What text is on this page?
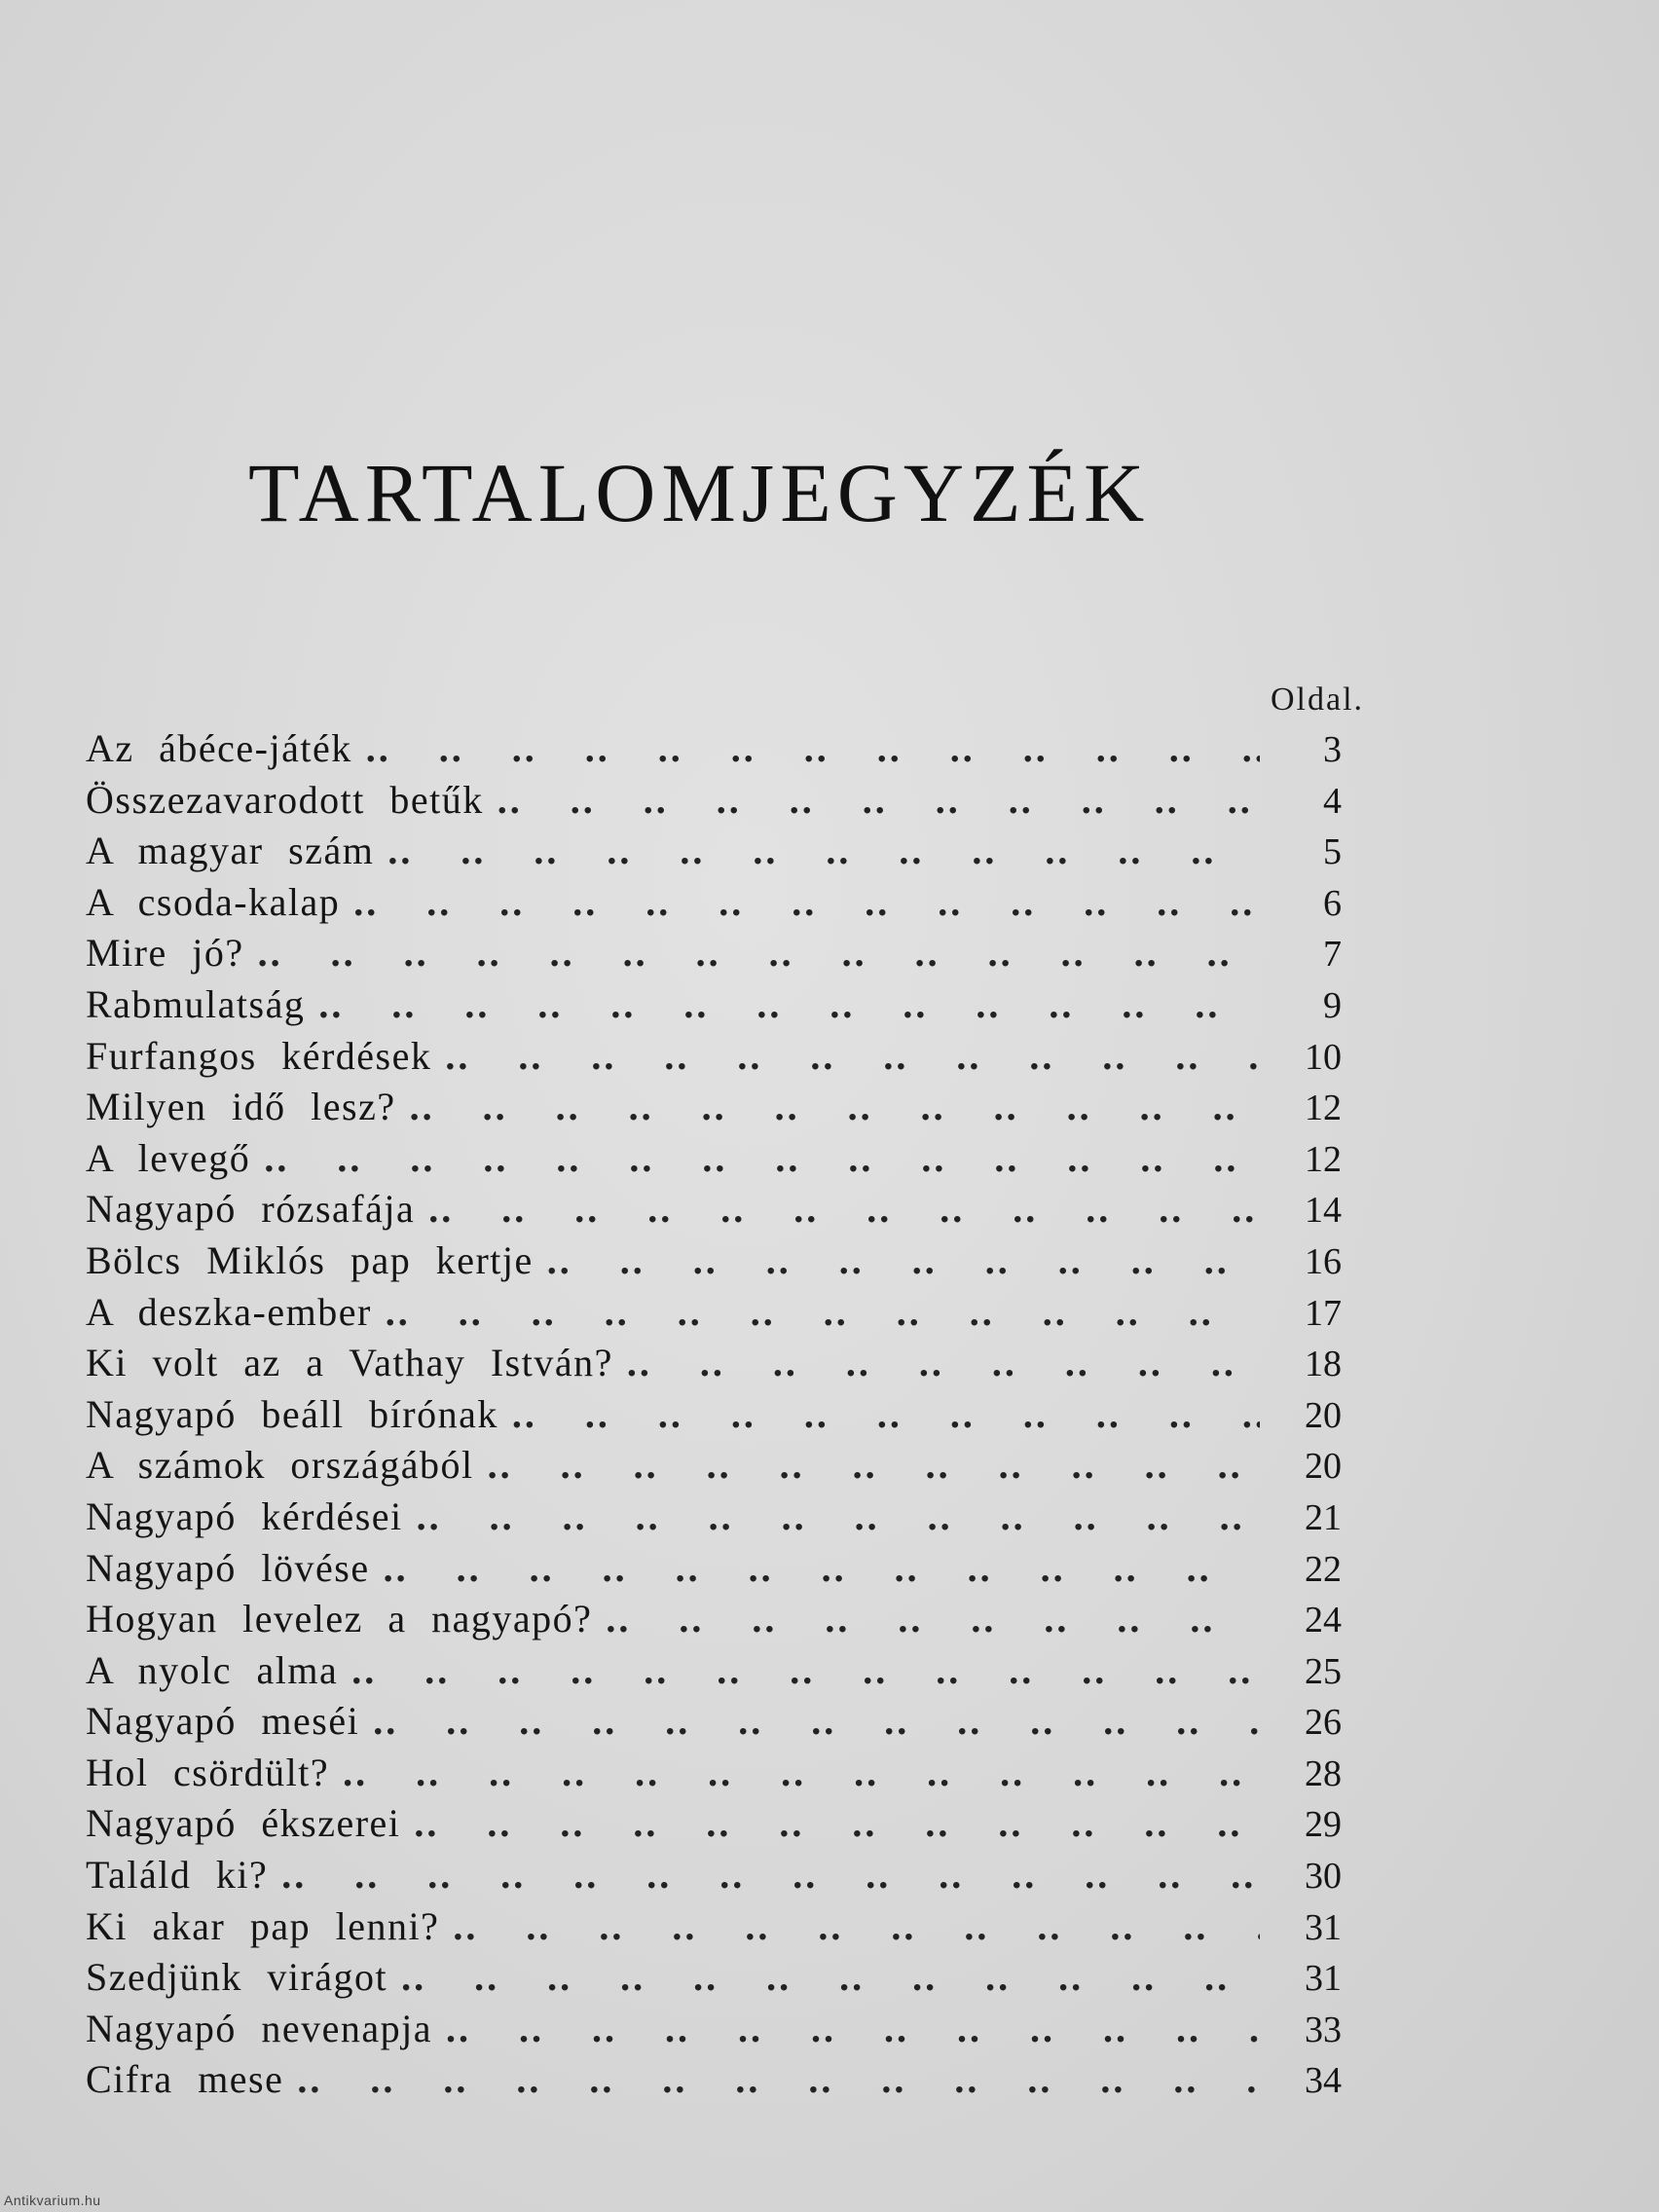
TARTALOMJEGYZÉK
Oldal.
Az ábéce-játék .. ..	3
Összezavarodott betűk .. ..	4
A magyar szám .. ..	5
A csoda-kalap .. ..	6
Mire jó? .. ..	7
Rabmulatság .. ..	9
Furfangos kérdések .. ..	10
Milyen idő lesz? .. ..	12
A levegő .. ..	12
Nagyapó rózsafája .. ..	14
Bölcs Miklós pap kertje .. ..	16
A deszka-ember .. ..	17
Ki volt az a Vathay István? .. ..	18
Nagyapó beáll bírónak .. ..	20
A számok országából .. ..	20
Nagyapó kérdései .. ..	21
Nagyapó lövése .. ..	22
Hogyan levelez a nagyapó? .. ..	24
A nyolc alma .. ..	25
Nagyapó meséi .. ..	26
Hol csördült? .. ..	28
Nagyapó ékszerei .. ..	29
Találd ki? .. ..	30
Ki akar pap lenni? .. ..	31
Szedjünk virágot .. ..	31
Nagyapó nevenapja .. ..	33
Cifra mese .. ..	34
Antikvarium.hu
